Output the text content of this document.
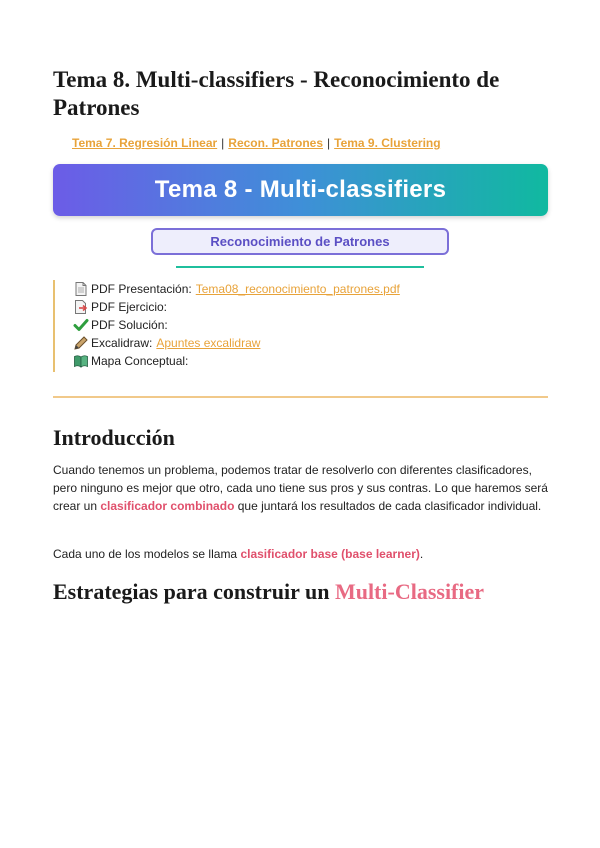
Tema 8. Multi-classifiers - Reconocimiento de Patrones
Tema 7. Regresión Linear | Recon. Patrones | Tema 9. Clustering
Tema 8 - Multi-classifiers
Reconocimiento de Patrones
PDF Presentación: Tema08_reconocimiento_patrones.pdf
PDF Ejercicio:
PDF Solución:
Excalidraw: Apuntes excalidraw
Mapa Conceptual:
Introducción

Cuando tenemos un problema, podemos tratar de resolverlo con diferentes clasificadores, pero ninguno es mejor que otro, cada uno tiene sus pros y sus contras. Lo que haremos será crear un clasificador combinado que juntará los resultados de cada clasificador individual.

Cada uno de los modelos se llama clasificador base (base learner).

Estrategias para construir un Multi-Classifier
